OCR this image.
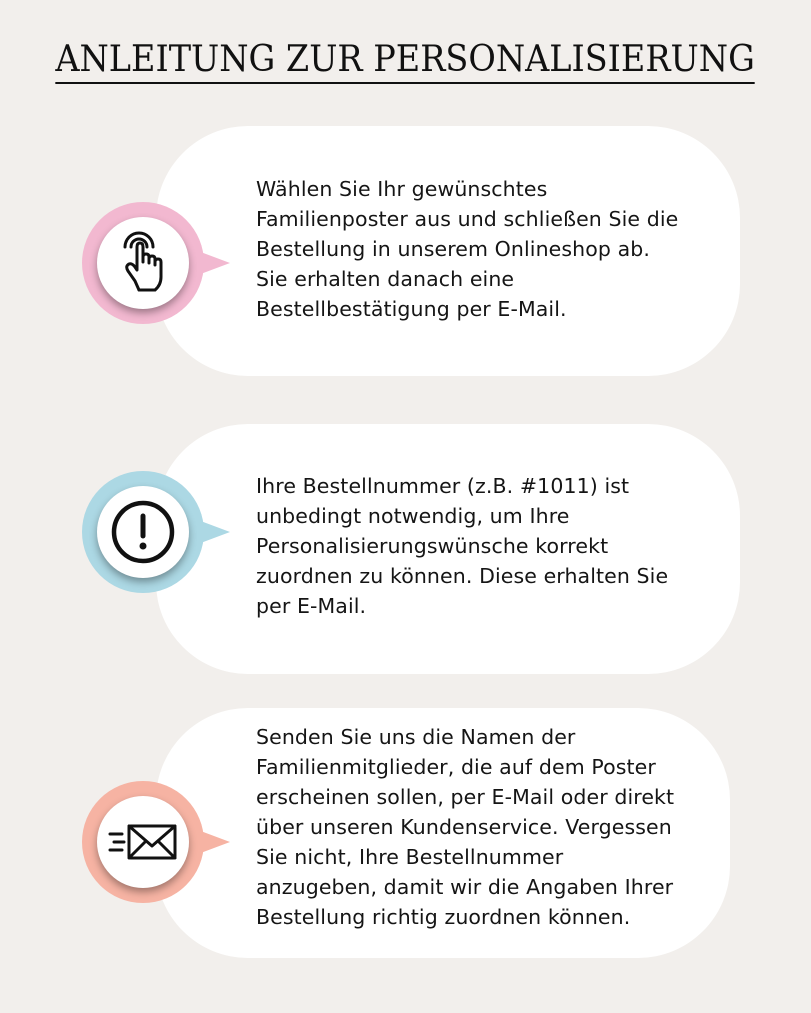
ANLEITUNG ZUR PERSONALISIERUNG
Wählen Sie Ihr gewünschtes
Familienposter aus und schließen Sie die
Bestellung in unserem Onlineshop ab.
Sie erhalten danach eine
Bestellbestätigung per E-Mail.
Ihre Bestellnummer (z.B. #1011) ist
unbedingt notwendig, um Ihre
Personalisierungswünsche korrekt
zuordnen zu können. Diese erhalten Sie
per E-Mail.
Senden Sie uns die Namen der
Familienmitglieder, die auf dem Poster
erscheinen sollen, per E-Mail oder direkt
über unseren Kundenservice. Vergessen
Sie nicht, Ihre Bestellnummer
anzugeben, damit wir die Angaben Ihrer
Bestellung richtig zuordnen können.
